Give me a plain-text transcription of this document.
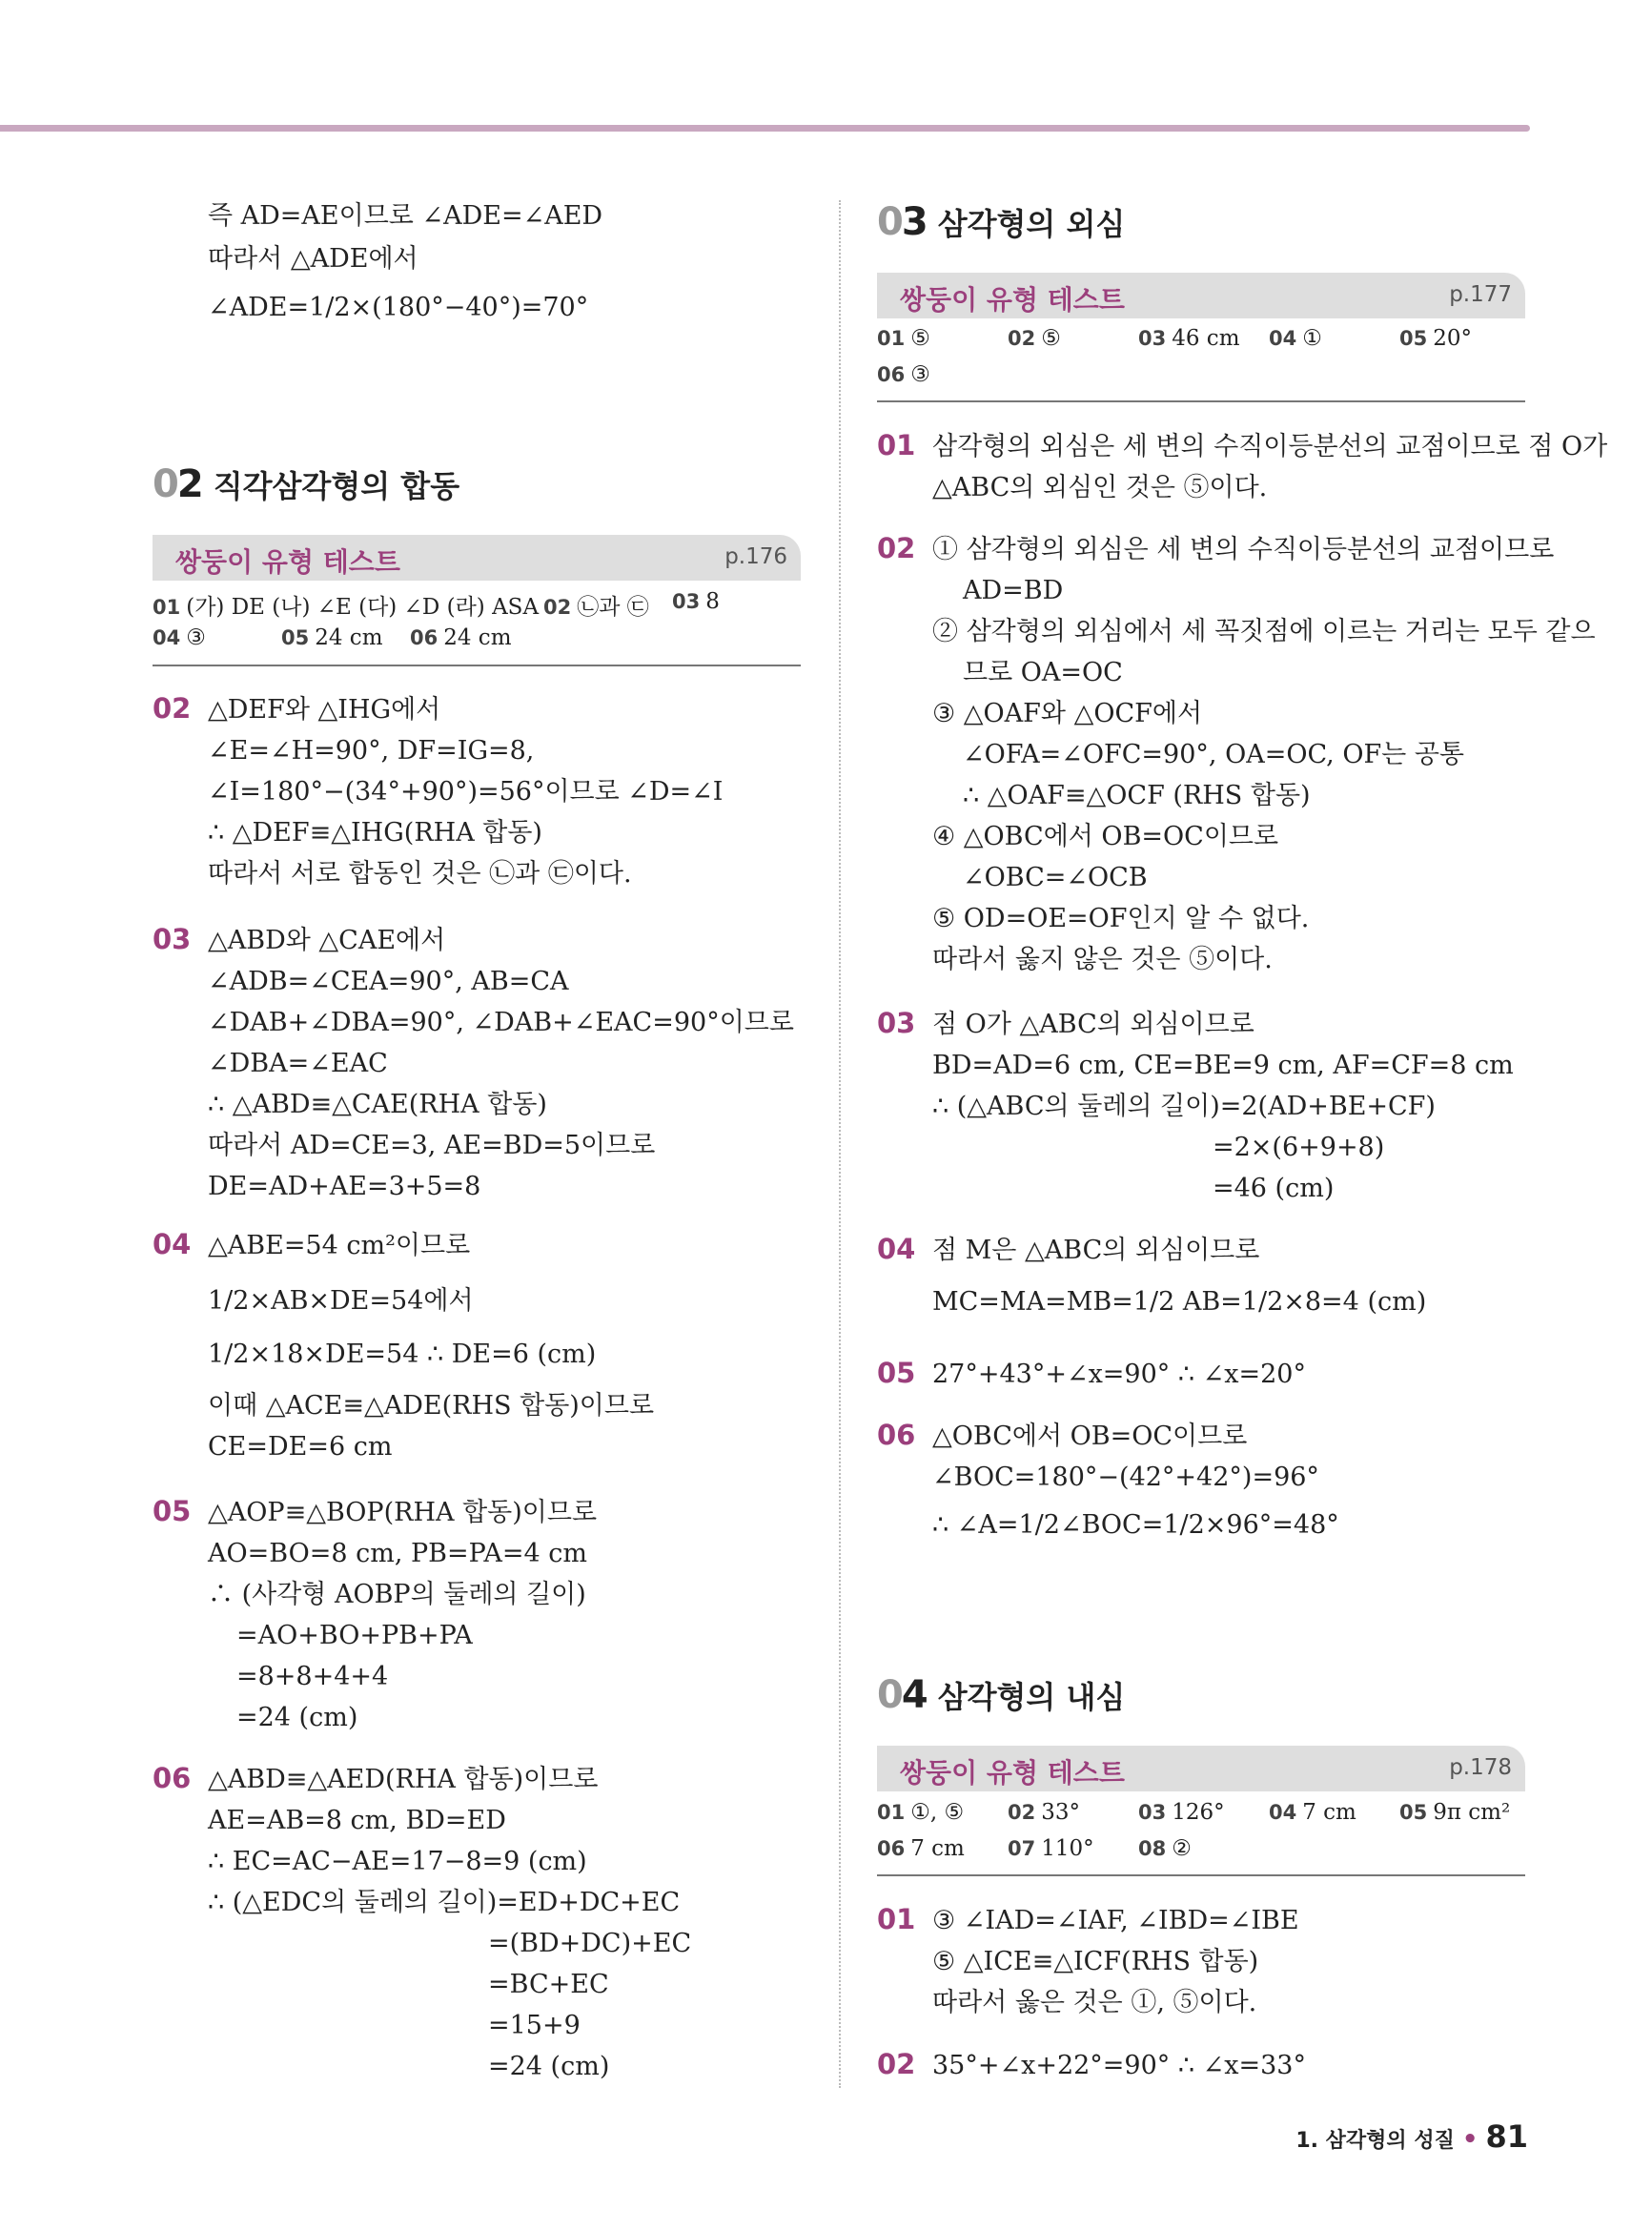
즉 AD=AE이므로 ∠ADE=∠AED
따라서 △ADE에서
∠ADE=1/2×(180°−40°)=70°
02 직각삼각형의 합동
쌍둥이 유형 테스트	p.176
01 (가) DE (나) ∠E (다) ∠D (라) ASA 02 ㉡과 ㉢ 03 8
04 ③	05 24 cm 06 24 cm
02 △DEF와 △IHG에서
∠E=∠H=90°, DF=IG=8,
∠I=180°−(34°+90°)=56°이므로 ∠D=∠I
∴ △DEF≡△IHG(RHA 합동)
따라서 서로 합동인 것은 ㉡과 ㉢이다.
03 △ABD와 △CAE에서
∠ADB=∠CEA=90°, AB=CA
∠DAB+∠DBA=90°, ∠DAB+∠EAC=90°이므로
∠DBA=∠EAC
∴ △ABD≡△CAE(RHA 합동)
따라서 AD=CE=3, AE=BD=5이므로
DE=AD+AE=3+5=8
04 △ABE=54 cm²이므로
1/2×AB×DE=54에서
1/2×18×DE=54 ∴ DE=6 (cm)
이때 △ACE≡△ADE(RHS 합동)이므로
CE=DE=6 cm
05 △AOP≡△BOP(RHA 합동)이므로
AO=BO=8 cm, PB=PA=4 cm
∴ (사각형 AOBP의 둘레의 길이)
=AO+BO+PB+PA
=8+8+4+4
=24 (cm)
06 △ABD≡△AED(RHA 합동)이므로
AE=AB=8 cm, BD=ED
∴ EC=AC−AE=17−8=9 (cm)
∴ (△EDC의 둘레의 길이)=ED+DC+EC
=(BD+DC)+EC
=BC+EC
=15+9
=24 (cm)
03 삼각형의 외심
쌍둥이 유형 테스트	p.177
01 ⑤	02 ⑤	03 46 cm 04 ①	05 20°
06 ③
01 삼각형의 외심은 세 변의 수직이등분선의 교점이므로 점 O가
△ABC의 외심인 것은 ⑤이다.
02 ① 삼각형의 외심은 세 변의 수직이등분선의 교점이므로
AD=BD
② 삼각형의 외심에서 세 꼭짓점에 이르는 거리는 모두 같으
므로 OA=OC
③ △OAF와 △OCF에서
∠OFA=∠OFC=90°, OA=OC, OF는 공통
∴ △OAF≡△OCF (RHS 합동)
④ △OBC에서 OB=OC이므로
∠OBC=∠OCB
⑤ OD=OE=OF인지 알 수 없다.
따라서 옳지 않은 것은 ⑤이다.
03 점 O가 △ABC의 외심이므로
BD=AD=6 cm, CE=BE=9 cm, AF=CF=8 cm
∴ (△ABC의 둘레의 길이)=2(AD+BE+CF)
=2×(6+9+8)
=46 (cm)
04 점 M은 △ABC의 외심이므로
MC=MA=MB=1/2 AB=1/2×8=4 (cm)
05 27°+43°+∠x=90° ∴ ∠x=20°
06 △OBC에서 OB=OC이므로
∠BOC=180°−(42°+42°)=96°
∴ ∠A=1/2∠BOC=1/2×96°=48°
04 삼각형의 내심
쌍둥이 유형 테스트	p.178
01 ①, ⑤ 02 33°	03 126° 04 7 cm 05 9π cm²
06 7 cm 07 110° 08 ②
01 ③ ∠IAD=∠IAF, ∠IBD=∠IBE
⑤ △ICE≡△ICF(RHS 합동)
따라서 옳은 것은 ①, ⑤이다.
02 35°+∠x+22°=90° ∴ ∠x=33°
1. 삼각형의 성질 • 81
